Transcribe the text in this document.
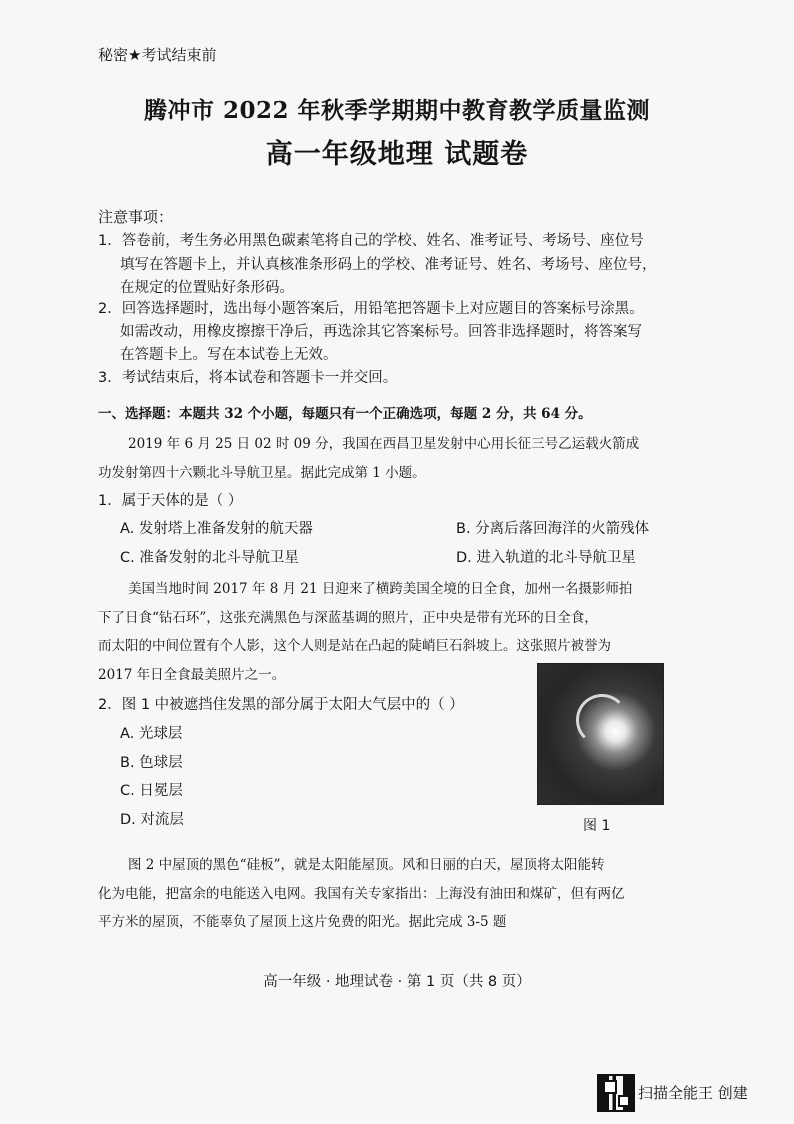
秘密★考试结束前
腾冲市 2022 年秋季学期期中教育教学质量监测
高一年级地理 试题卷
注意事项：
1．答卷前，考生务必用黑色碳素笔将自己的学校、姓名、准考证号、考场号、座位号
填写在答题卡上，并认真核准条形码上的学校、准考证号、姓名、考场号、座位号，
在规定的位置贴好条形码。
2．回答选择题时，选出每小题答案后，用铅笔把答题卡上对应题目的答案标号涂黑。
如需改动，用橡皮擦擦干净后，再选涂其它答案标号。回答非选择题时，将答案写
在答题卡上。写在本试卷上无效。
3．考试结束后，将本试卷和答题卡一并交回。
一、选择题：本题共 32 个小题，每题只有一个正确选项，每题 2 分，共 64 分。
2019 年 6 月 25 日 02 时 09 分，我国在西昌卫星发射中心用长征三号乙运载火箭成
功发射第四十六颗北斗导航卫星。据此完成第 1 小题。
1．属于天体的是（ ）
A. 发射塔上准备发射的航天器	B. 分离后落回海洋的火箭残体
C. 准备发射的北斗导航卫星	D. 进入轨道的北斗导航卫星
美国当地时间 2017 年 8 月 21 日迎来了横跨美国全境的日全食，加州一名摄影师拍
下了日食“钻石环”，这张充满黑色与深蓝基调的照片，正中央是带有光环的日全食，
而太阳的中间位置有个人影，这个人则是站在凸起的陡峭巨石斜坡上。这张照片被誉为
2017 年日全食最美照片之一。
2．图 1 中被遮挡住发黑的部分属于太阳大气层中的（ ）
A. 光球层
B. 色球层
C. 日冕层
D. 对流层	图 1
图 2 中屋顶的黑色“硅板”，就是太阳能屋顶。风和日丽的白天，屋顶将太阳能转
化为电能，把富余的电能送入电网。我国有关专家指出：上海没有油田和煤矿，但有两亿
平方米的屋顶，不能辜负了屋顶上这片免费的阳光。据此完成 3-5 题
高一年级 · 地理试卷 · 第 1 页（共 8 页）
扫描全能王 创建
